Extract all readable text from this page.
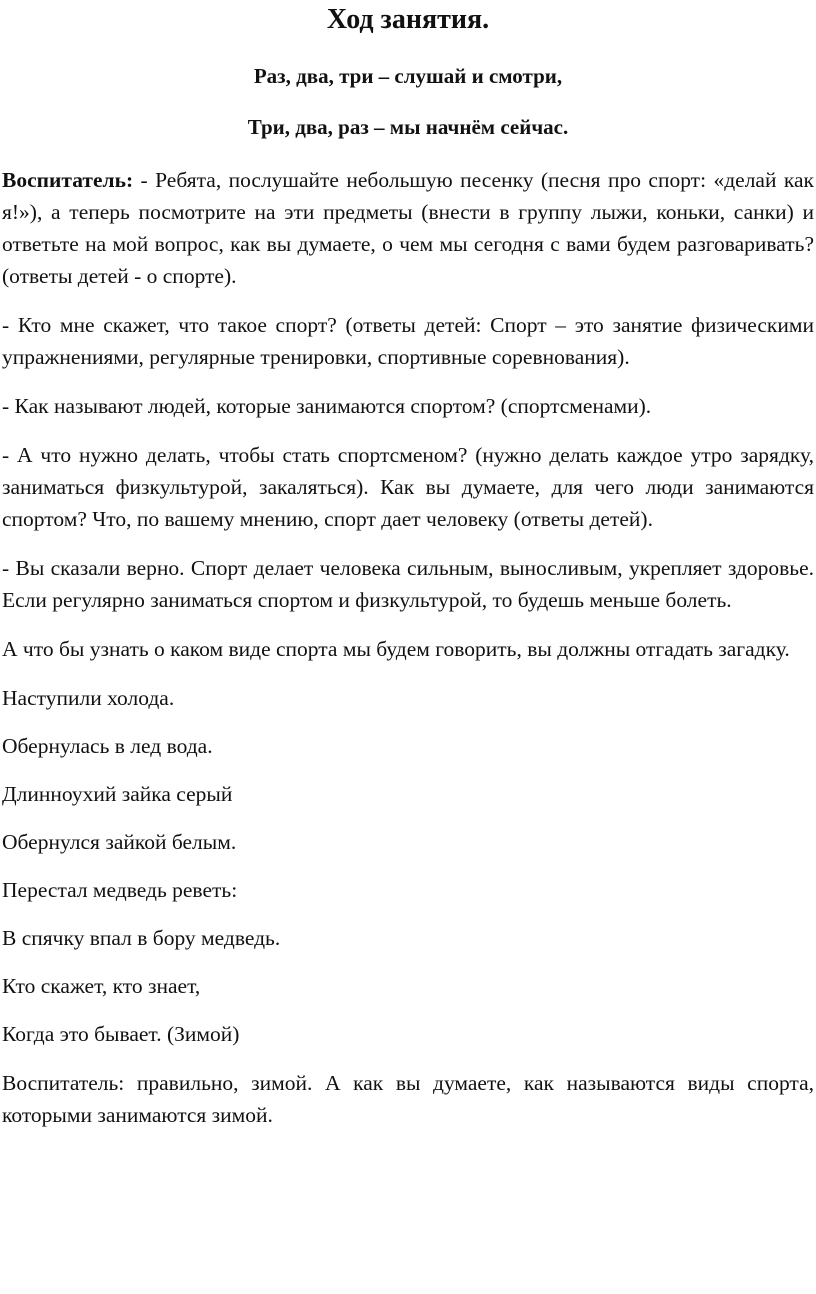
Ход занятия.
Раз, два, три – слушай и смотри,
Три, два, раз – мы начнём сейчас.

Воспитатель: - Ребята, послушайте небольшую песенку (песня про спорт: «делай как я!»), а теперь посмотрите на эти предметы (внести в группу лыжи, коньки, санки) и ответьте на мой вопрос, как вы думаете, о чем мы сегодня с вами будем разговаривать? (ответы детей - о спорте).

- Кто мне скажет, что такое спорт? (ответы детей: Спорт – это занятие физическими упражнениями, регулярные тренировки, спортивные соревнования).

- Как называют людей, которые занимаются спортом? (спортсменами).

- А что нужно делать, чтобы стать спортсменом? (нужно делать каждое утро зарядку, заниматься физкультурой, закаляться). Как вы думаете, для чего люди занимаются спортом? Что, по вашему мнению, спорт дает человеку (ответы детей).

- Вы сказали верно. Спорт делает человека сильным, выносливым, укрепляет здоровье. Если регулярно заниматься спортом и физкультурой, то будешь меньше болеть.

А что бы узнать о каком виде спорта мы будем говорить, вы должны отгадать загадку.

Наступили холода.
Обернулась в лед вода.
Длинноухий зайка серый
Обернулся зайкой белым.
Перестал медведь реветь:
В спячку впал в бору медведь.
Кто скажет, кто знает,
Когда это бывает. (Зимой)

Воспитатель: правильно, зимой. А как вы думаете, как называются виды спорта, которыми занимаются зимой.
